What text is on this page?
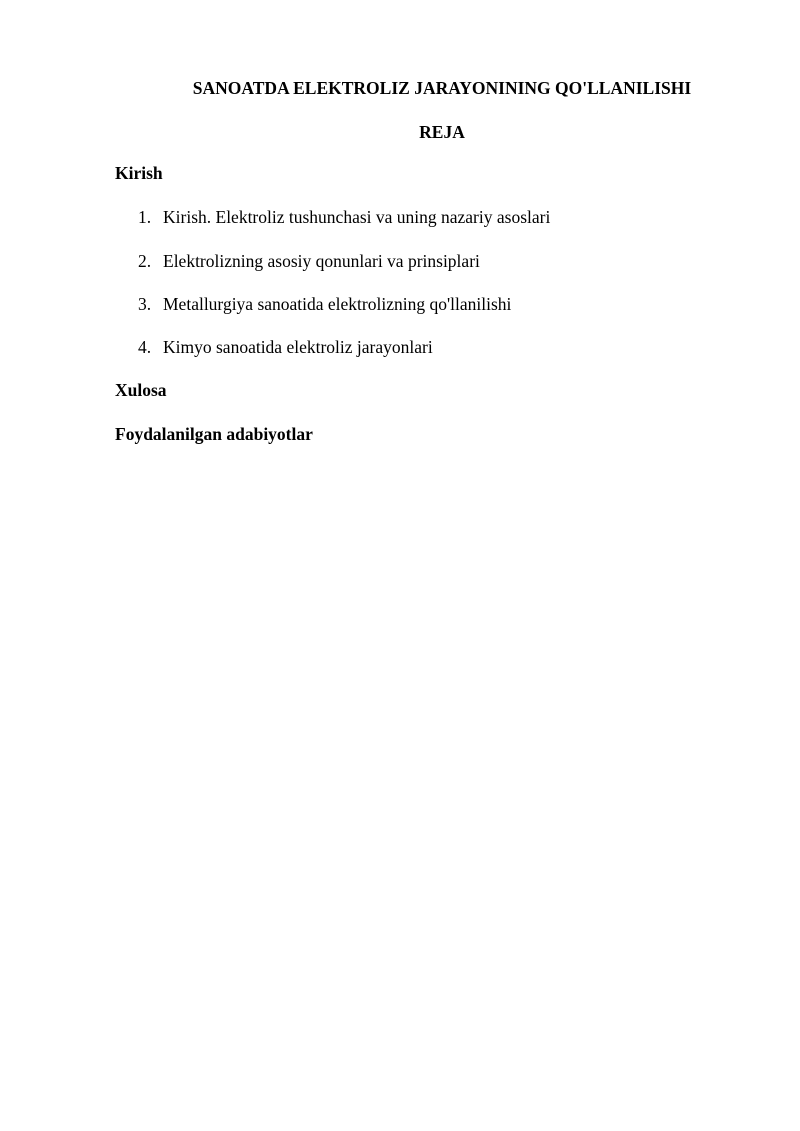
SANOATDA ELEKTROLIZ JARAYONINING QO'LLANILISHI
REJA
Kirish
1. Kirish. Elektroliz tushunchasi va uning nazariy asoslari
2. Elektrolizning asosiy qonunlari va prinsiplari
3. Metallurgiya sanoatida elektrolizning qo'llanilishi
4. Kimyo sanoatida elektroliz jarayonlari
Xulosa
Foydalanilgan adabiyotlar
